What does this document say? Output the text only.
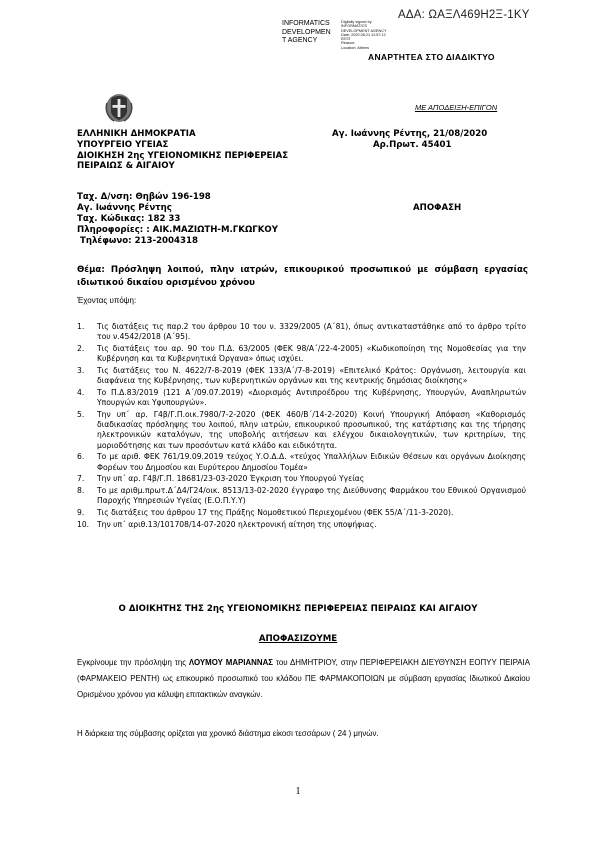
ΑΔΑ: ΩΑΞΛ469Η2Ξ-1ΚΥ
INFORMATICS
DEVELOPMEN
T AGENCY
Digitally signed by
INFORMATICS
DEVELOPMENT AGENCY
Date: 2020.08.21 11:57:12
EEST
Reason:
Location: Athens
ΑΝΑΡΤΗΤΕΑ ΣΤΟ ΔΙΑΔΙΚΤΥΟ
ΜΕ ΑΠΟΔΕΙΞΗ-ΕΠΙΓΟΝ
ΕΛΛΗΝΙΚΗ ΔΗΜΟΚΡΑΤΙΑ
ΥΠΟΥΡΓΕΙΟ ΥΓΕΙΑΣ
ΔΙΟΙΚΗΣΗ 2ης ΥΓΕΙΟΝΟΜΙΚΗΣ ΠΕΡΙΦΕΡΕΙΑΣ
ΠΕΙΡΑΙΩΣ & ΑΙΓΑΙΟΥ
Αγ. Ιωάννης Ρέντης, 21/08/2020
Αρ.Πρωτ. 45401
Ταχ. Δ/νση: Θηβών 196-198
Αγ. Ιωάννης Ρέντης
Ταχ. Κώδικας: 182 33
Πληροφορίες: : ΑΙΚ.ΜΑΖΙΩΤΗ-Μ.ΓΚΩΓΚΟΥ
Τηλέφωνο: 213-2004318
ΑΠΟΦΑΣΗ
Θέμα: Πρόσληψη λοιπού, πλην ιατρών, επικουρικού προσωπικού με σύμβαση εργασίας ιδιωτικού δικαίου ορισμένου χρόνου
Έχοντας υπόψη:
1. Τις διατάξεις τις παρ.2 του άρθρου 10 του ν. 3329/2005 (Α΄81), όπως αντικαταστάθηκε από το άρθρο τρίτο του ν.4542/2018 (Α΄95).
2. Τις διατάξεις του αρ. 90 του Π.Δ. 63/2005 (ΦΕΚ 98/Α΄/22-4-2005) «Κωδικοποίηση της Νομοθεσίας για την Κυβέρνηση και τα Κυβερνητικά Όργανα» όπως ισχύει.
3. Τις διατάξεις του Ν. 4622/7-8-2019 (ΦΕΚ 133/Α΄/7-8-2019) «Επιτελικό Κράτος: Οργάνωση, λειτουργία και διαφάνεια της Κυβέρνησης, των κυβερνητικών οργάνων και της κεντρικής δημόσιας διοίκησης»
4. Το Π.Δ.83/2019 (121 Α΄/09.07.2019) «Διορισμός Αντιπροέδρου της Κυβέρνησης, Υπουργών, Αναπληρωτών Υπουργών και Υφυπουργών».
5. Την υπ΄ αρ. Γ4β/Γ.Π.οικ.7980/7-2-2020 (ΦΕΚ 460/Β΄/14-2-2020) Κοινή Υπουργική Απόφαση «Καθορισμός διαδικασίας πρόσληψης του λοιπού, πλην ιατρών, επικουρικού προσωπικού, της κατάρτισης και της τήρησης ηλεκτρονικών καταλόγων, της υποβολής αιτήσεων και ελέγχου δικαιολογητικών, των κριτηρίων, της μοριοδότησης και των προσόντων κατά κλάδο και ειδικότητα.
6. Το με αριθ. ΦΕΚ 761/19.09.2019 τεύχος Υ.Ο.Δ.Δ. «τεύχος Υπαλλήλων Ειδικών Θέσεων και οργάνων Διοίκησης Φορέων του Δημοσίου και Ευρύτερου Δημοσίου Τομέα»
7. Την υπ΄ αρ. Γ4β/Γ.Π. 18681/23-03-2020 Έγκριση του Υπουργού Υγείας
8. Το με αριθμ.πρωτ.Δ΄Δ4/Γ24/οικ. 8513/13-02-2020 έγγραφο της Διεύθυνσης Φαρμάκου του Εθνικού Οργανισμού Παροχής Υπηρεσιών Υγείας (Ε.Ο.Π.Υ.Υ)
9. Τις διατάξεις του άρθρου 17 της Πράξης Νομοθετικού Περιεχομένου (ΦΕΚ 55/Α΄/11-3-2020).
10. Την υπ΄ αριθ.13/101708/14-07-2020 ηλεκτρονική αίτηση της υποψήφιας.
Ο ΔΙΟΙΚΗΤΗΣ ΤΗΣ 2ης ΥΓΕΙΟΝΟΜΙΚΗΣ ΠΕΡΙΦΕΡΕΙΑΣ ΠΕΙΡΑΙΩΣ ΚΑΙ ΑΙΓΑΙΟΥ
ΑΠΟΦΑΣΙΖΟΥΜΕ
Εγκρίνουμε την πρόσληψη της ΛΟΥΜΟΥ ΜΑΡΙΑΝΝΑΣ του ΔΗΜΗΤΡΙΟΥ, στην ΠΕΡΙΦΕΡΕΙΑΚΗ ΔΙΕΥΘΥΝΣΗ ΕΟΠΥΥ ΠΕΙΡΑΙΑ (ΦΑΡΜΑΚΕΙΟ ΡΕΝΤΗ) ως επικουρικό προσωπικό του κλάδου ΠΕ ΦΑΡΜΑΚΟΠΟΙΩΝ με σύμβαση εργασίας Ιδιωτικού Δικαίου Ορισμένου χρόνου για κάλυψη επιτακτικών αναγκών.
Η διάρκεια της σύμβασης ορίζεται για χρονικό διάστημα είκοσι τεσσάρων ( 24 ) μηνών.
1
